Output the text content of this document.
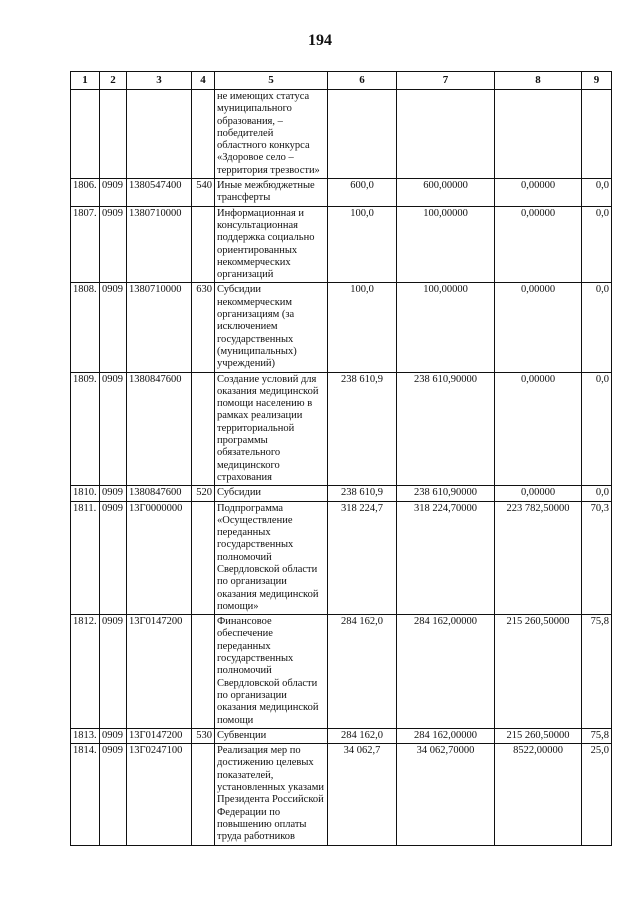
194
1	2	3	4	5	6	7	8	9
				не имеющих статуса муниципального образования, – победителей областного конкурса «Здоровое село – территория трезвости»				
1806.	0909	1380547400	540	Иные межбюджетные трансферты	600,0	600,00000	0,00000	0,0
1807.	0909	1380710000		Информационная и консультационная поддержка социально ориентированных некоммерческих организаций	100,0	100,00000	0,00000	0,0
1808.	0909	1380710000	630	Субсидии некоммерческим организациям (за исключением государственных (муниципальных) учреждений)	100,0	100,00000	0,00000	0,0
1809.	0909	1380847600		Создание условий для оказания медицинской помощи населению в рамках реализации территориальной программы обязательного медицинского страхования	238 610,9	238 610,90000	0,00000	0,0
1810.	0909	1380847600	520	Субсидии	238 610,9	238 610,90000	0,00000	0,0
1811.	0909	13Г0000000		Подпрограмма «Осуществление переданных государственных полномочий Свердловской области по организации оказания медицинской помощи»	318 224,7	318 224,70000	223 782,50000	70,3
1812.	0909	13Г0147200		Финансовое обеспечение переданных государственных полномочий Свердловской области по организации оказания медицинской помощи	284 162,0	284 162,00000	215 260,50000	75,8
1813.	0909	13Г0147200	530	Субвенции	284 162,0	284 162,00000	215 260,50000	75,8
1814.	0909	13Г0247100		Реализация мер по достижению целевых показателей, установленных указами Президента Российской Федерации по повышению оплаты труда работников	34 062,7	34 062,70000	8522,00000	25,0
